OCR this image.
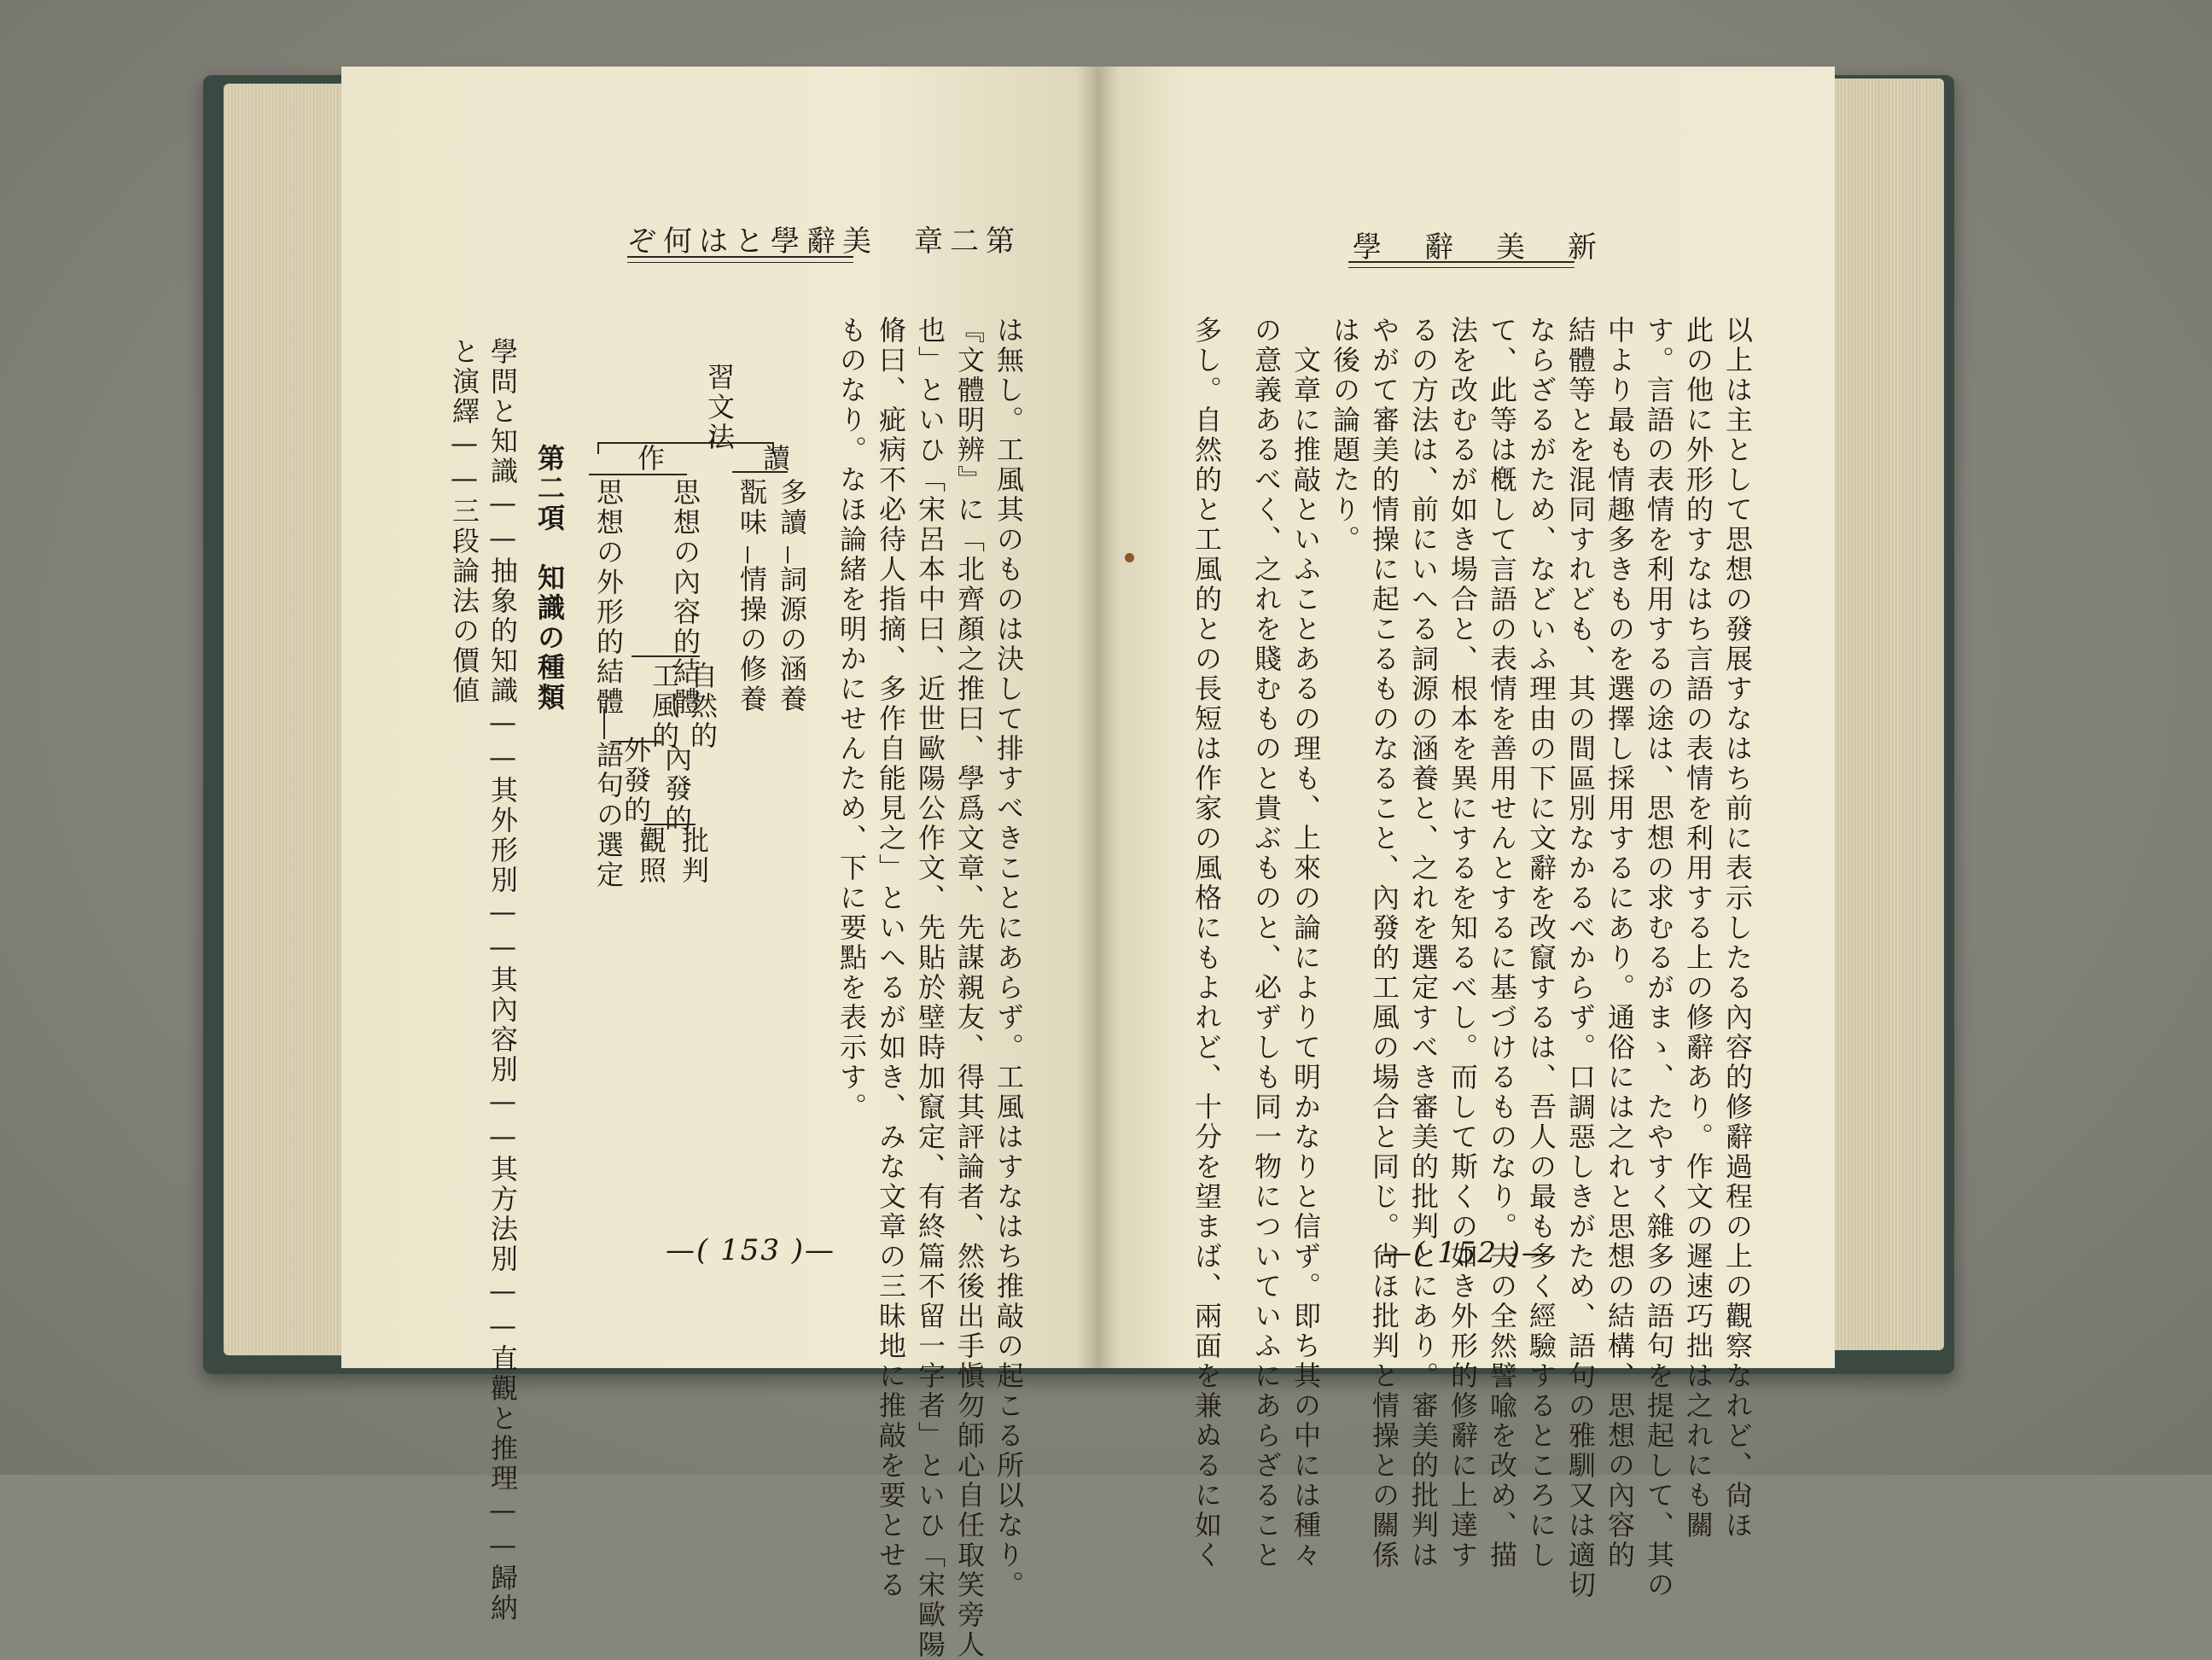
第二章　美辭學とは何ぞ	新　美　辭　學
以上は主として思想の發展すなはち前に表示したる內容的修辭過程の上の觀察なれど、尙ほ
此の他に外形的すなはち言語の表情を利用する上の修辭あり。作文の遲速巧拙は之れにも關
す。言語の表情を利用するの途は、思想の求むるがまゝ、たやすく雜多の語句を提起して、其の
中より最も情趣多きものを選擇し採用するにあり。通俗には之れと思想の結構、思想の內容的
結體等とを混同すれども、其の間區別なかるべからず。口調惡しきがため、語句の雅馴又は適切
ならざるがため、などいふ理由の下に文辭を改竄するは、吾人の最も多く經驗するところにし
て、此等は槪して言語の表情を善用せんとするに基づけるものなり。夫の全然譬喩を改め、描
法を改むるが如き場合と、根本を異にするを知るべし。而して斯くの如き外形的修辭に上達す
るの方法は、前にいへる詞源の涵養と、之れを選定すべき審美的批判とにあり。審美的批判は
やがて審美的情操に起こるものなること、內發的工風の場合と同じ。尙ほ批判と情操との關係
は後の論題たり。
文章に推敲といふことあるの理も、上來の論によりて明かなりと信ず。即ち其の中には種々
の意義あるべく、之れを賤むものと貴ぶものと、必ずしも同一物についていふにあらざること
多し。自然的と工風的との長短は作家の風格にもよれど、十分を望まば、兩面を兼ぬるに如く
は無し。工風其のものは決して排すべきことにあらず。工風はすなはち推敲の起こる所以なり。
『文體明辨』に「北齊顏之推曰、學爲文章、先謀親友、得其評論者、然後出手愼勿師心自任取笑旁人
也」といひ「宋呂本中曰、近世歐陽公作文、先貼於壁時加竄定、有終篇不留一字者」といひ「宋歐陽
脩曰、疵病不必待人指摘、多作自能見之」といへるが如き、みな文章の三昧地に推敲を要とせる
ものなり。なほ論緒を明かにせんため、下に要點を表示す。
習文法
讀
多讀
詞源の涵養
翫味
情操の修養
作
思想の內容的結體
自然的
工風的
內發的
外發的
批判
觀照
思想の外形的結體
語句の選定
第二項　知識の種類
學問と知識——抽象的知識——其外形別——其內容別——其方法別——直觀と推理——歸納
と演繹——三段論法の價値
—( 153 )—	—( 152 )—
